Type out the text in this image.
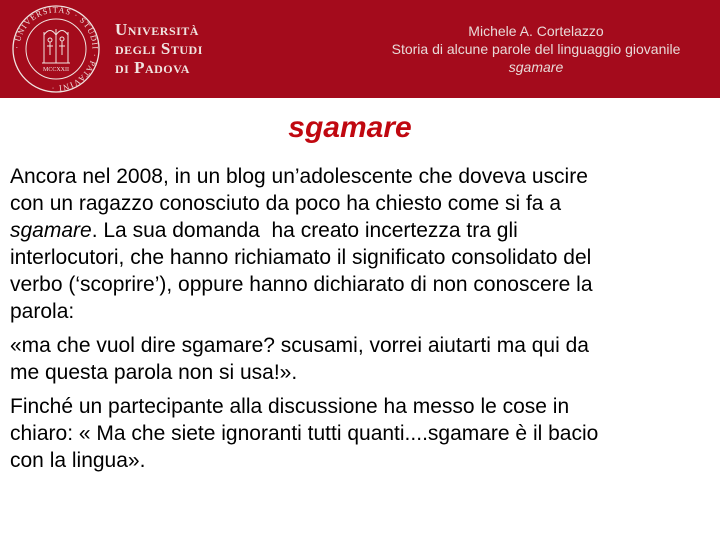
· UNIVERSITAS · STUDII · PATAVINI ·
MCCXXII
Università
degli Studi
di Padova
Michele A. Cortelazzo
Storia di alcune parole del linguaggio giovanile
sgamare
sgamare
Ancora nel 2008, in un blog un’adolescente che doveva uscire
con un ragazzo conosciuto da poco ha chiesto come si fa a
sgamare. La sua domanda  ha creato incertezza tra gli
interlocutori, che hanno richiamato il significato consolidato del
verbo (‘scoprire’), oppure hanno dichiarato di non conoscere la
parola:
«ma che vuol dire sgamare? scusami, vorrei aiutarti ma qui da
me questa parola non si usa!».
Finché un partecipante alla discussione ha messo le cose in
chiaro: « Ma che siete ignoranti tutti quanti....sgamare è il bacio
con la lingua».
